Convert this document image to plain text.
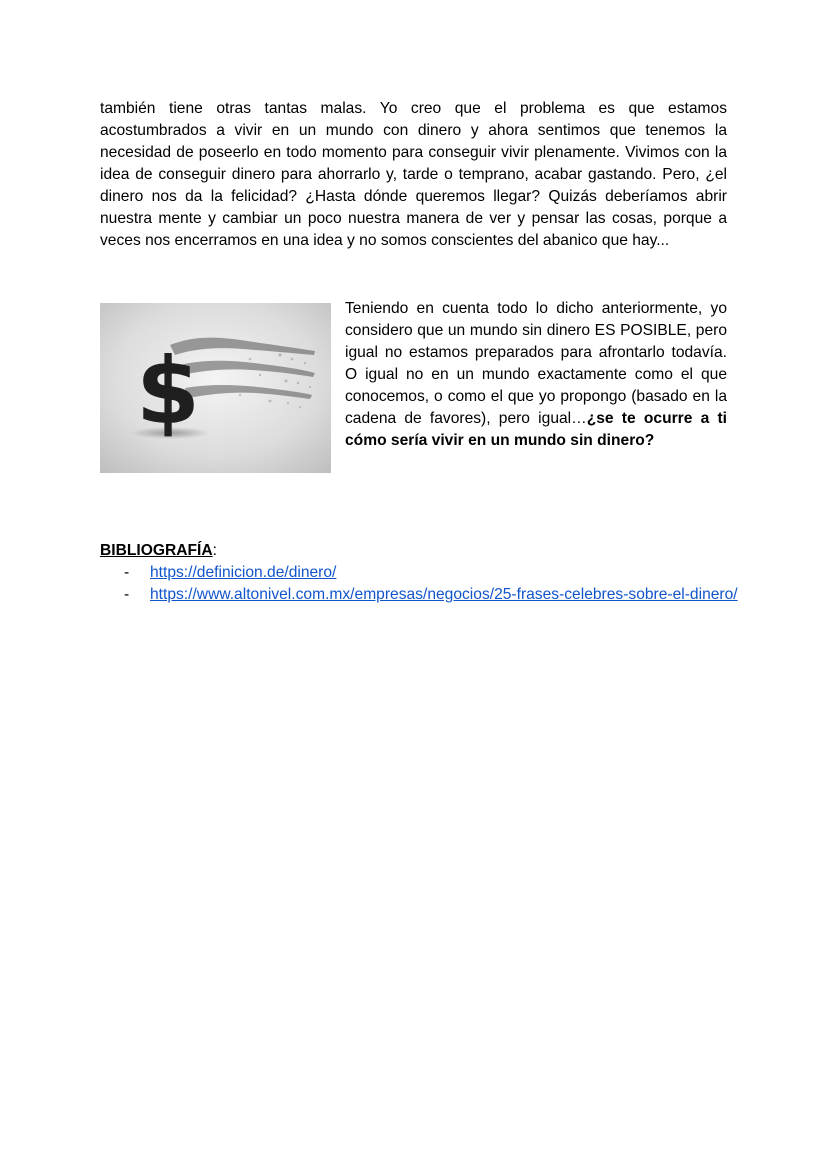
también tiene otras tantas malas. Yo creo que el problema es que estamos acostumbrados a vivir en un mundo con dinero y ahora sentimos que tenemos la necesidad de poseerlo en todo momento para conseguir vivir plenamente. Vivimos con la idea de conseguir dinero para ahorrarlo y, tarde o temprano, acabar gastando. Pero, ¿el dinero nos da la felicidad? ¿Hasta dónde queremos llegar? Quizás deberíamos abrir nuestra mente y cambiar un poco nuestra manera de ver y pensar las cosas, porque a veces nos encerramos en una idea y no somos conscientes del abanico que hay...

$

Teniendo en cuenta todo lo dicho anteriormente, yo considero que un mundo sin dinero ES POSIBLE, pero igual no estamos preparados para afrontarlo todavía. O igual no en un mundo exactamente como el que conocemos, o como el que yo propongo (basado en la cadena de favores), pero igual…¿se te ocurre a ti cómo sería vivir en un mundo sin dinero?

BIBLIOGRAFÍA:

- https://definicion.de/dinero/
- https://www.altonivel.com.mx/empresas/negocios/25-frases-celebres-sobre-el-dinero/
